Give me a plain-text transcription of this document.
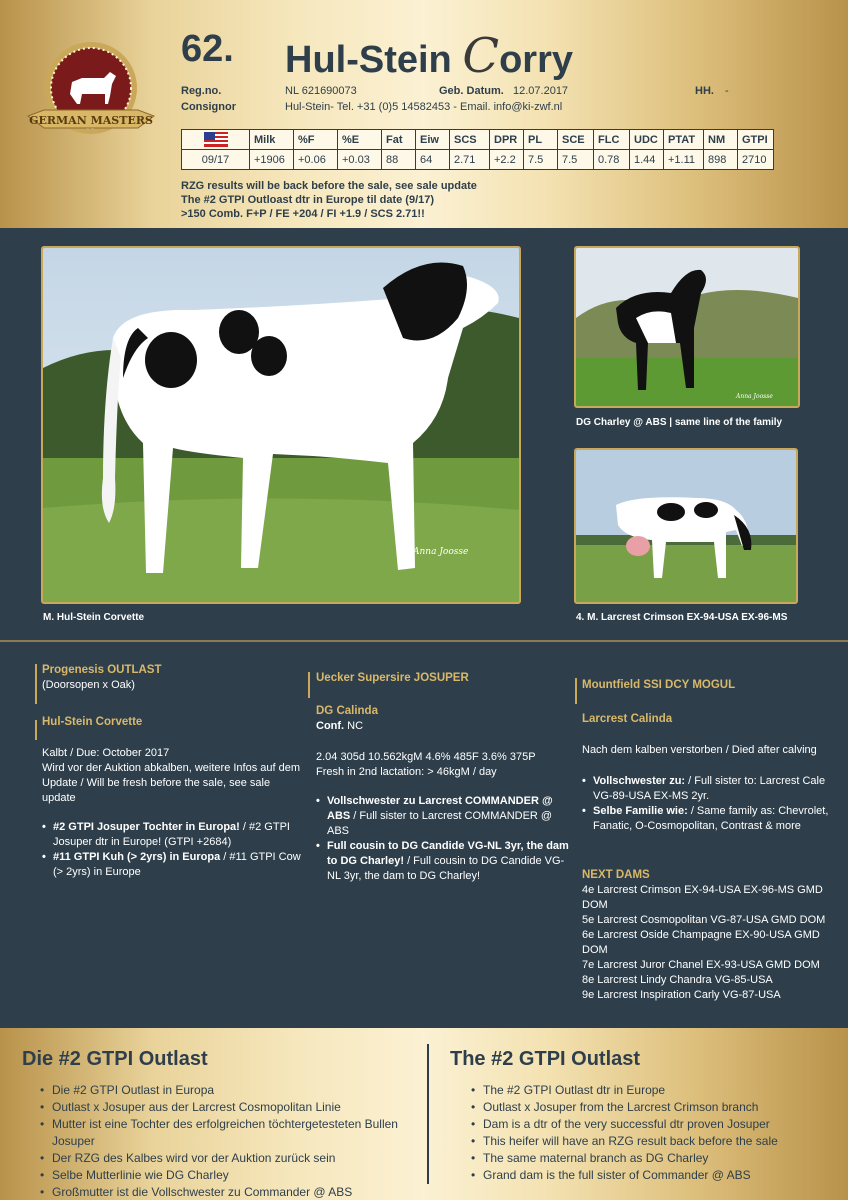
GERMAN MASTERS
62. Hul-Stein Corry
Reg.no.	NL 621690073	Geb. Datum. 12.07.2017	HH. -
Consignor	Hul-Stein- Tel. +31 (0)5 14582453 - Email. info@ki-zwf.nl
	Milk	%F	%E	Fat	Eiw	SCS	DPR	PL	SCE	FLC	UDC	PTAT	NM	GTPI
09/17	+1906	+0.06	+0.03	88	64	2.71	+2.2	7.5	7.5	0.78	1.44	+1.11	898	2710
RZG results will be back before the sale, see sale update
The #2 GTPI Outloast dtr in Europe til date (9/17)
>150 Comb. F+P / FE +204 / FI +1.9 / SCS 2.71!!
Anna Joosse
M. Hul-Stein Corvette
Anna Joosse
DG Charley @ ABS | same line of the family
4. M. Larcrest Crimson EX-94-USA EX-96-MS
Progenesis OUTLAST
(Doorsopen x Oak)
Hul-Stein Corvette
Kalbt / Due: October 2017
Wird vor der Auktion abkalben, weitere Infos auf dem Update / Will be fresh before the sale, see sale update
• #2 GTPI Josuper Tochter in Europa! / #2 GTPI Josuper dtr in Europe! (GTPI +2684)
• #11 GTPI Kuh (> 2yrs) in Europa / #11 GTPI Cow (> 2yrs) in Europe
Uecker Supersire JOSUPER
DG Calinda
Conf. NC
2.04 305d 10.562kgM 4.6% 485F 3.6% 375P
Fresh in 2nd lactation: > 46kgM / day
• Vollschwester zu Larcrest COMMANDER @ ABS / Full sister to Larcrest COMMANDER @ ABS
• Full cousin to DG Candide VG-NL 3yr, the dam to DG Charley! / Full cousin to DG Candide VG-NL 3yr, the dam to DG Charley!
Mountfield SSI DCY MOGUL
Larcrest Calinda
Nach dem kalben verstorben / Died after calving
• Vollschwester zu: / Full sister to: Larcrest Cale VG-89-USA EX-MS 2yr.
• Selbe Familie wie: / Same family as: Chevrolet, Fanatic, O-Cosmopolitan, Contrast & more
NEXT DAMS
4e Larcrest Crimson EX-94-USA EX-96-MS GMD DOM
5e Larcrest Cosmopolitan VG-87-USA GMD DOM
6e Larcrest Oside Champagne EX-90-USA GMD DOM
7e Larcrest Juror Chanel EX-93-USA GMD DOM
8e Larcrest Lindy Chandra VG-85-USA
9e Larcrest Inspiration Carly VG-87-USA
Die #2 GTPI Outlast
• Die #2 GTPI Outlast in Europa
• Outlast x Josuper aus der Larcrest Cosmopolitan Linie
• Mutter ist eine Tochter des erfolgreichen töchtergetesteten Bullen Josuper
• Der RZG des Kalbes wird vor der Auktion zurück sein
• Selbe Mutterlinie wie DG Charley
• Großmutter ist die Vollschwester zu Commander @ ABS
The #2 GTPI Outlast
• The #2 GTPI Outlast dtr in Europe
• Outlast x Josuper from the Larcrest Crimson branch
• Dam is a dtr of the very successful dtr proven Josuper
• This heifer will have an RZG result back before the sale
• The same maternal branch as DG Charley
• Grand dam is the full sister of Commander @ ABS
